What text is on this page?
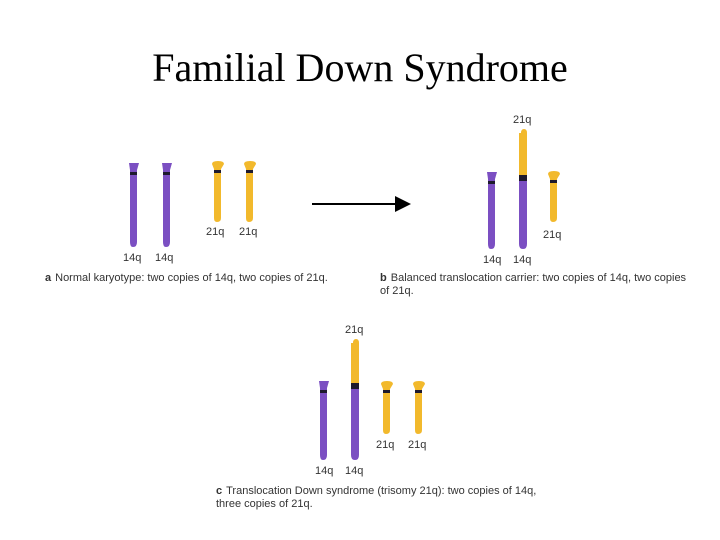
Familial Down Syndrome
14q 14q
21q 21q
a Normal karyotype: two copies of 14q, two copies of 21q.
21q
14q 14q
21q
b Balanced translocation carrier: two copies of 14q, two copies
of 21q.
21q
14q 14q
21q 21q
c Translocation Down syndrome (trisomy 21q): two copies of 14q,
three copies of 21q.
